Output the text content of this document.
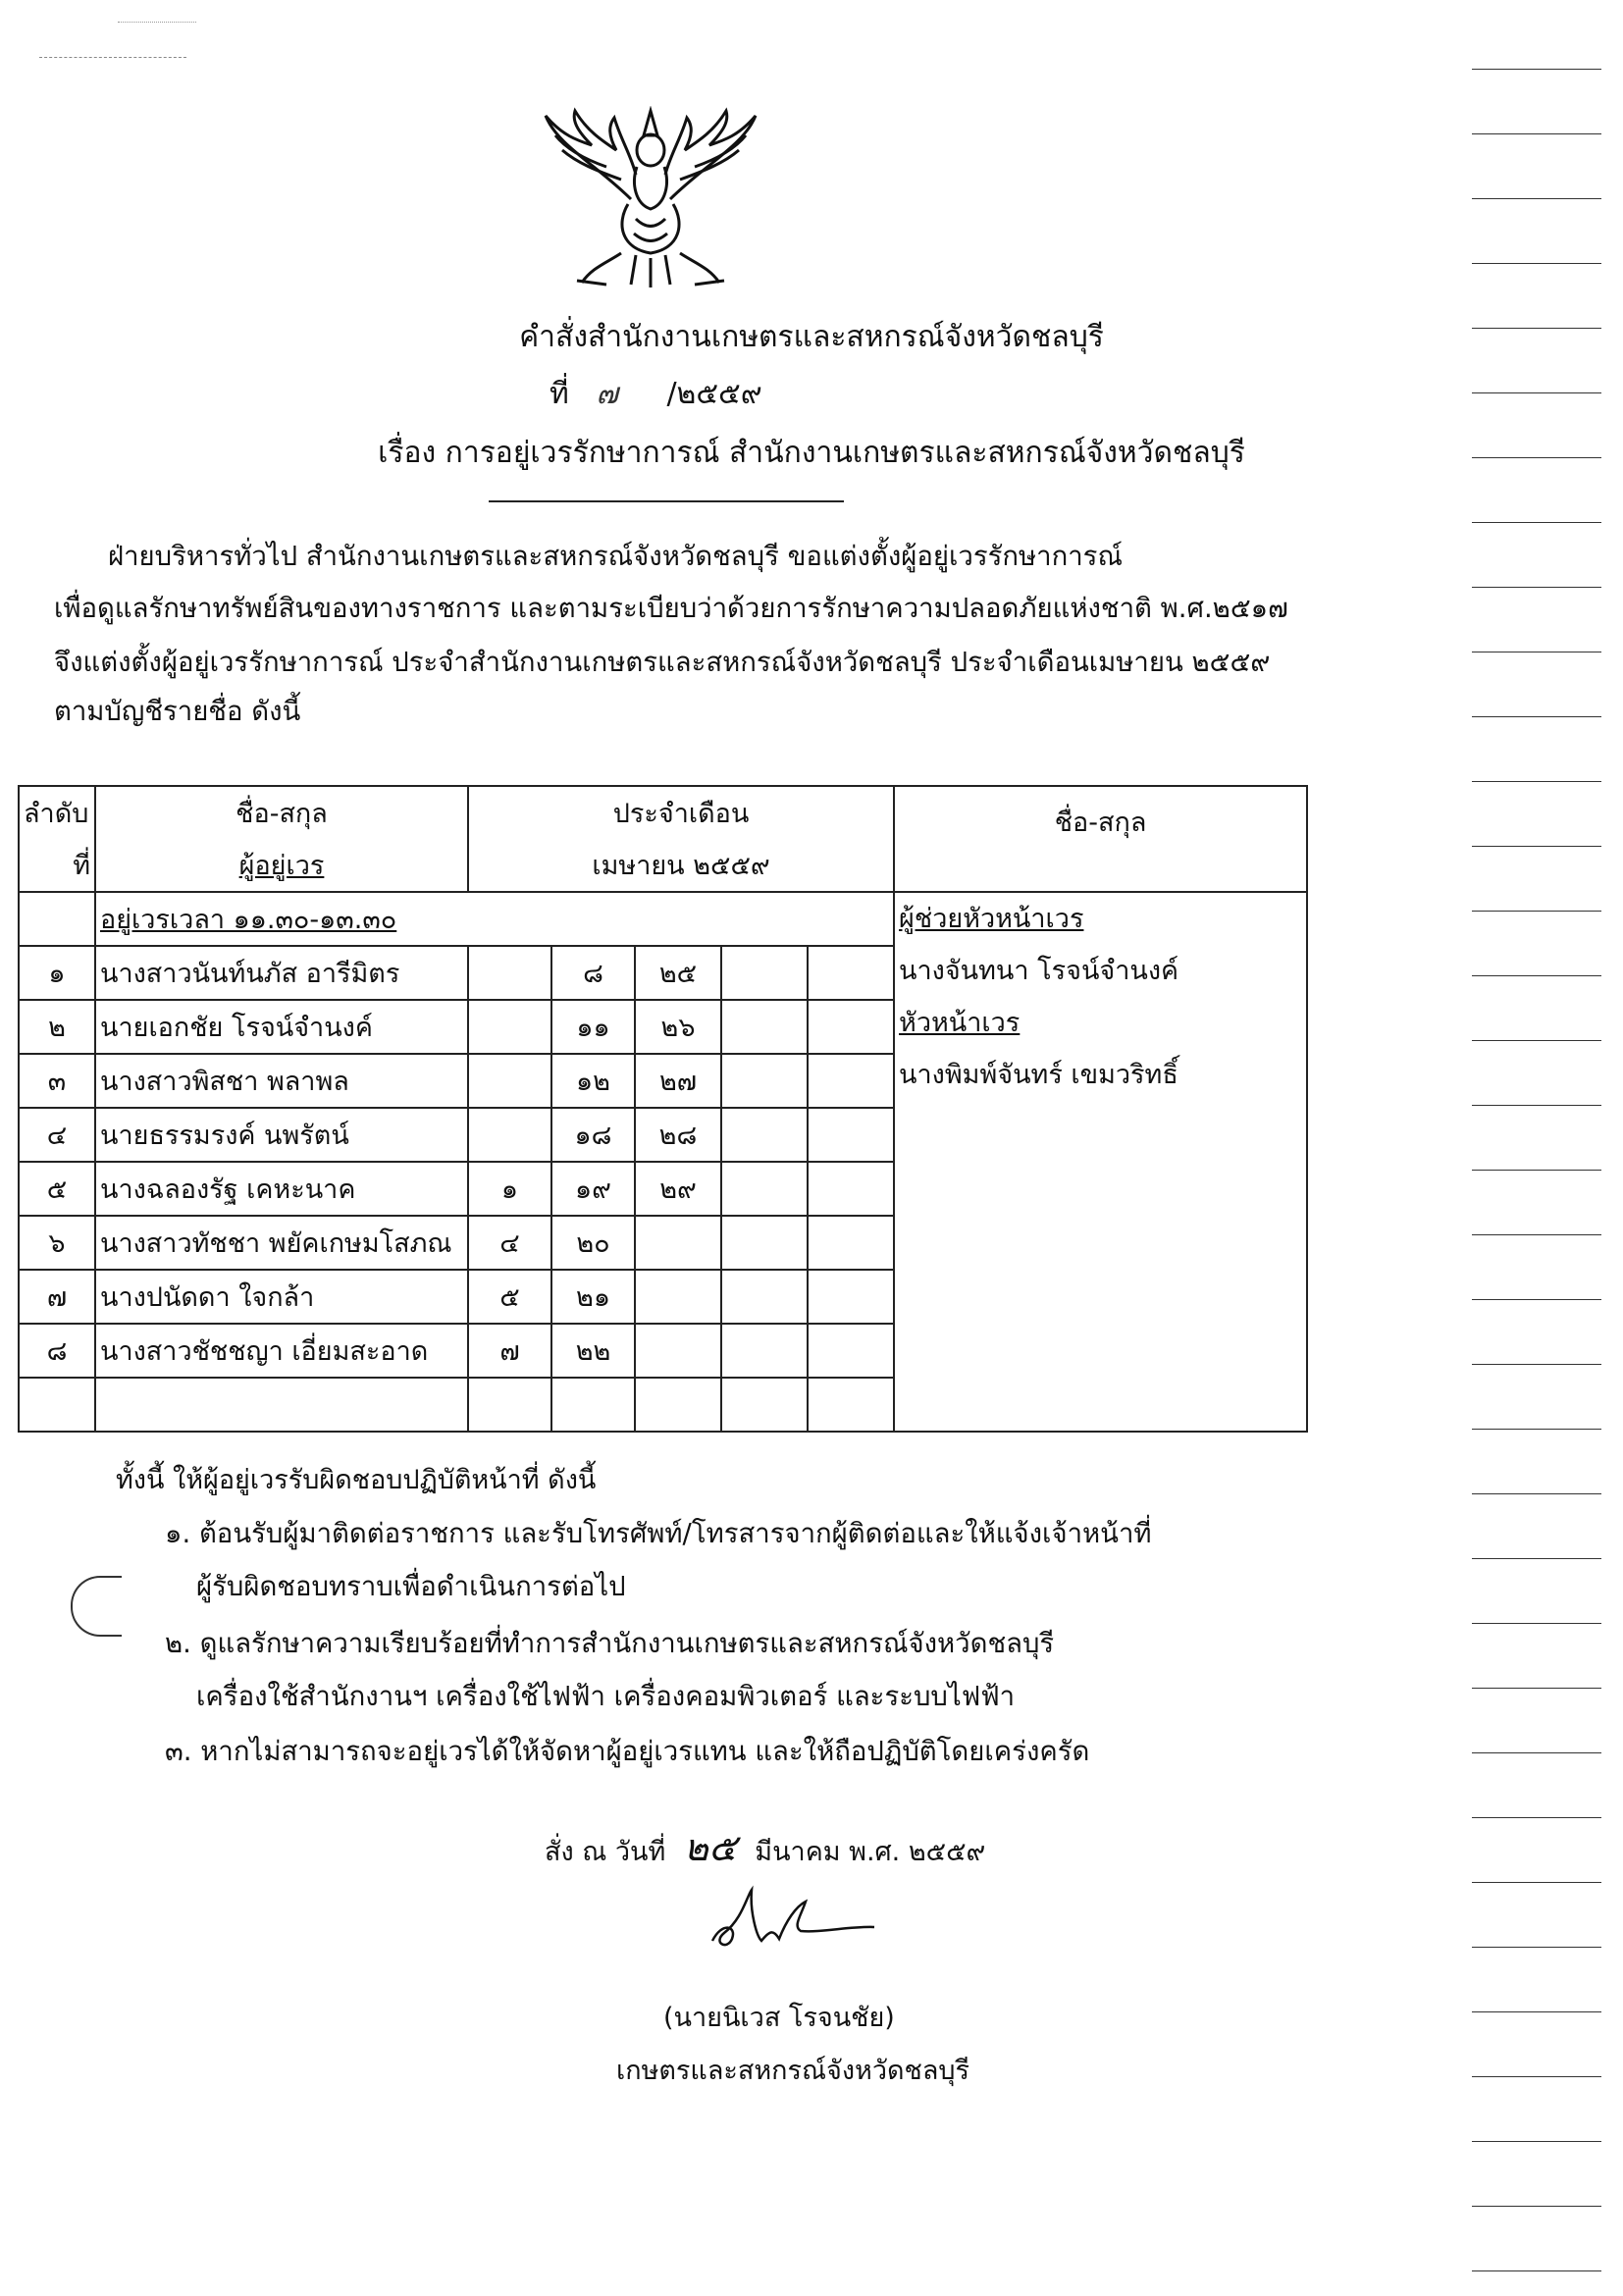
คำสั่งสำนักงานเกษตรและสหกรณ์จังหวัดชลบุรี
ที่ ๗ /๒๕๕๙
เรื่อง การอยู่เวรรักษาการณ์ สำนักงานเกษตรและสหกรณ์จังหวัดชลบุรี
ฝ่ายบริหารทั่วไป สำนักงานเกษตรและสหกรณ์จังหวัดชลบุรี ขอแต่งตั้งผู้อยู่เวรรักษาการณ์
เพื่อดูแลรักษาทรัพย์สินของทางราชการ และตามระเบียบว่าด้วยการรักษาความปลอดภัยแห่งชาติ พ.ศ.๒๕๑๗
จึงแต่งตั้งผู้อยู่เวรรักษาการณ์ ประจำสำนักงานเกษตรและสหกรณ์จังหวัดชลบุรี ประจำเดือนเมษายน ๒๕๕๙
ตามบัญชีรายชื่อ ดังนี้
ลำดับ	ชื่อ-สกุล	ประจำเดือน					ชื่อ-สกุล
ที่	ผู้อยู่เวร	เมษายน ๒๕๕๙					
	อยู่เวรเวลา ๑๑.๓๐-๑๓.๓๐						ผู้ช่วยหัวหน้าเวร
นางจันทนา โรจน์จำนงค์
หัวหน้าเวร
นางพิมพ์จันทร์ เขมวริทธิ์

๑	นางสาวนันท์นภัส อารีมิตร		๘	๒๕			
๒	นายเอกชัย โรจน์จำนงค์		๑๑	๒๖			
๓	นางสาวพิสชา พลาพล		๑๒	๒๗			
๔	นายธรรมรงค์ นพรัตน์		๑๘	๒๘			
๕	นางฉลองรัฐ เคหะนาค	๑	๑๙	๒๙			
๖	นางสาวทัชชา พยัคเกษมโสภณ	๔	๒๐				
๗	นางปนัดดา ใจกล้า	๕	๒๑				
๘	นางสาวชัชชญา เอี่ยมสะอาด	๗	๒๒				

ทั้งนี้ ให้ผู้อยู่เวรรับผิดชอบปฏิบัติหน้าที่ ดังนี้
๑. ต้อนรับผู้มาติดต่อราชการ และรับโทรศัพท์/โทรสารจากผู้ติดต่อและให้แจ้งเจ้าหน้าที่
ผู้รับผิดชอบทราบเพื่อดำเนินการต่อไป
๒. ดูแลรักษาความเรียบร้อยที่ทำการสำนักงานเกษตรและสหกรณ์จังหวัดชลบุรี
เครื่องใช้สำนักงานฯ เครื่องใช้ไฟฟ้า เครื่องคอมพิวเตอร์ และระบบไฟฟ้า
๓. หากไม่สามารถจะอยู่เวรได้ให้จัดหาผู้อยู่เวรแทน และให้ถือปฏิบัติโดยเคร่งครัด
สั่ง ณ วันที่ ๒๕ มีนาคม พ.ศ. ๒๕๕๙
(นายนิเวส โรจนชัย)
เกษตรและสหกรณ์จังหวัดชลบุรี
